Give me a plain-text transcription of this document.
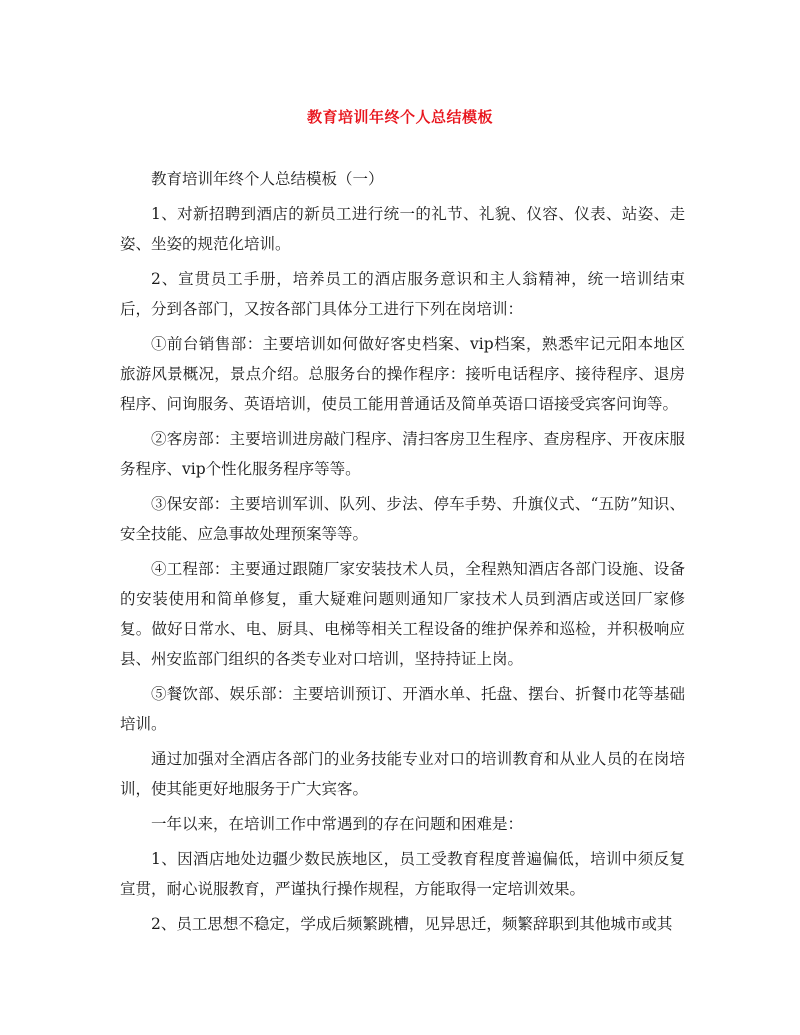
教育培训年终个人总结模板

教育培训年终个人总结模板（一）

1、对新招聘到酒店的新员工进行统一的礼节、礼貌、仪容、仪表、站姿、走姿、坐姿的规范化培训。

2、宣贯员工手册，培养员工的酒店服务意识和主人翁精神，统一培训结束后，分到各部门，又按各部门具体分工进行下列在岗培训：

①前台销售部：主要培训如何做好客史档案、vip档案，熟悉牢记元阳本地区旅游风景概况，景点介绍。总服务台的操作程序：接听电话程序、接待程序、退房程序、问询服务、英语培训，使员工能用普通话及简单英语口语接受宾客问询等。

②客房部：主要培训进房敲门程序、清扫客房卫生程序、查房程序、开夜床服务程序、vip个性化服务程序等等。

③保安部：主要培训军训、队列、步法、停车手势、升旗仪式、“五防”知识、安全技能、应急事故处理预案等等。

④工程部：主要通过跟随厂家安装技术人员，全程熟知酒店各部门设施、设备的安装使用和简单修复，重大疑难问题则通知厂家技术人员到酒店或送回厂家修复。做好日常水、电、厨具、电梯等相关工程设备的维护保养和巡检，并积极响应县、州安监部门组织的各类专业对口培训，坚持持证上岗。

⑤餐饮部、娱乐部：主要培训预订、开酒水单、托盘、摆台、折餐巾花等基础培训。

通过加强对全酒店各部门的业务技能专业对口的培训教育和从业人员的在岗培训，使其能更好地服务于广大宾客。

一年以来，在培训工作中常遇到的存在问题和困难是：

1、因酒店地处边疆少数民族地区，员工受教育程度普遍偏低，培训中须反复宣贯，耐心说服教育，严谨执行操作规程，方能取得一定培训效果。

2、员工思想不稳定，学成后频繁跳槽，见异思迁，频繁辞职到其他城市或其
